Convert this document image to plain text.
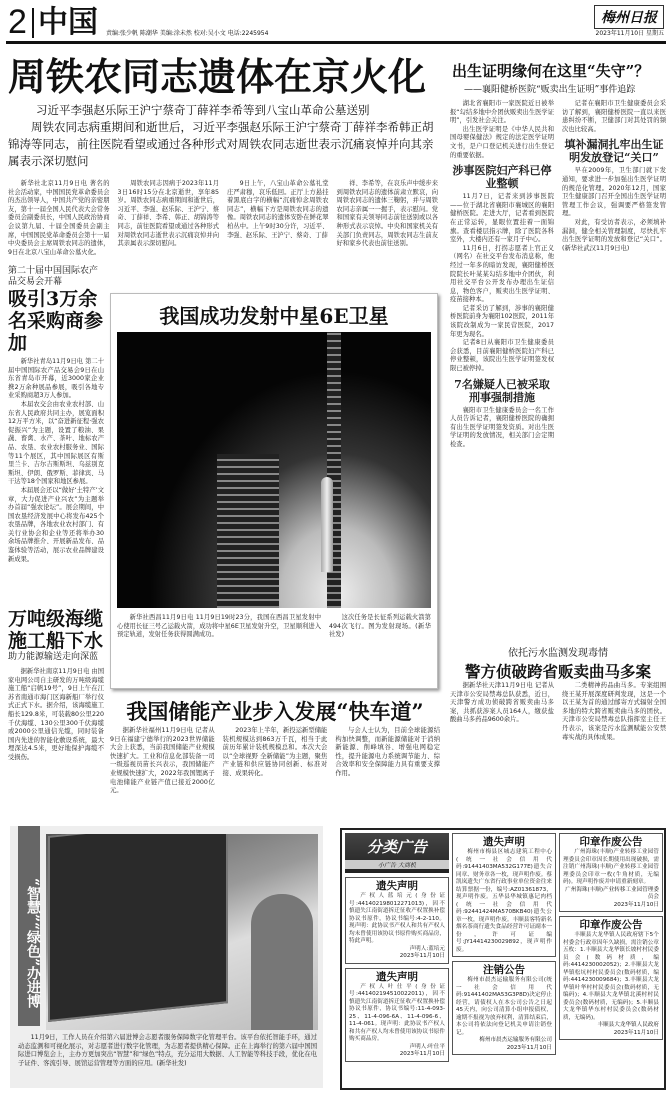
2 中国 责编:张少帆 陈潮华 美编:涂未然 校对:吴小文 电话:2245954
梅州日报
2023年11月10日 星期五
周铁农同志遗体在京火化
习近平李强赵乐际王沪宁蔡奇丁薛祥李希等到八宝山革命公墓送别
周铁农同志病重期间和逝世后，习近平李强赵乐际王沪宁蔡奇丁薛祥李希韩正胡锦涛等同志，前往医院看望或通过各种形式对周铁农同志逝世表示沉痛哀悼并向其亲属表示深切慰问

新华社北京11月9日电 著名的社会活动家，中国国民党革命委员会的杰出领导人，中国共产党的亲密朋友，第十一届全国人民代表大会常务委员会副委员长，中国人民政治协商会议第九届、十届全国委员会副主席，中国国民党革命委员会第十一届中央委员会主席周铁农同志的遗体，9日在北京八宝山革命公墓火化。

周铁农同志因病于2023年11月3日16时15分在北京逝世，享年85岁。周铁农同志病重期间和逝世后，习近平、李强、赵乐际、王沪宁、蔡奇、丁薛祥、李希、韩正、胡锦涛等同志，前往医院看望或通过各种形式对周铁农同志逝世表示沉痛哀悼并向其亲属表示深切慰问。

9日上午，八宝山革命公墓礼堂庄严肃穆，哀乐低回。正厅上方悬挂着黑底白字的横幅“沉痛悼念周铁农同志”，横幅下方是周铁农同志的遗像。周铁农同志的遗体安卧在鲜花翠柏丛中。上午9时30分许，习近平、李强、赵乐际、王沪宁、蔡奇、丁薛

祥、李希等，在哀乐声中缓步来到周铁农同志的遗体前肃立默哀，向周铁农同志的遗体三鞠躬，并与周铁农同志亲属一一握手，表示慰问。党和国家有关领导同志前往送别或以各种形式表示哀悼。中央和国家机关有关部门负责同志，周铁农同志生前友好和家乡代表也前往送别。

第二十届中国国际农产品交易会开幕
吸引3万余名采购商参加

新华社青岛11月9日电 第二十届中国国际农产品交易会9日在山东省青岛市开幕，近3000家企业携2万余种展品参展，吸引各地专业采购商超3万人参加。

本届农交会由农业农村部、山东省人民政府共同主办，展览面积12万平方米，以“奋进新征程·强农促振兴”为主题，设置了粮油、果蔬、畜禽、水产、茶叶、地标农产品、农垦、农业农村服务业、国际等11个展区，其中国际展区有斯里兰卡、吉尔吉斯斯坦、乌兹别克斯坦、伊朗、俄罗斯、菲律宾、马干达等18个国家和地区参展。

本届展会还以“做好‘土特产’文章，大力促进产业兴农”为主题举办首届“强农论坛”。展会期间，中国农垦经济发展中心将发布425个农垦品牌，各地农业农村部门、有关行业协会和企业等还将举办30余场品牌推介、开展新品发布、品鉴体验等活动，展示农业品牌建设新成果。

万吨级海缆施工船下水
助力能源输送走向深蓝

据新华社南京11月9日电 由国家电网公司自主研发的万吨级海缆施工船“启帆19号”，9日上午在江苏省南通市海门区海新船厂举行仪式正式下水。据介绍，该海缆施工船长129.8米，可装载80公里220千伏海缆、130公里300千伏海缆或2000公里通信光缆，同时装备国内先进的智能化敷设系统，最大埋深达4.5米，更好地保护海缆不受损伤。

我国成功发射中星6E卫星

新华社西昌11月9日电 11月9日19时23分，我国在西昌卫星发射中心使用长征三号乙运载火箭，成功将中星6E卫星发射升空，卫星顺利进入预定轨道，发射任务获得圆满成功。

这次任务是长征系列运载火箭第494次飞行。图为发射现场。(新华社发)

我国储能产业步入发展“快车道”

据新华社福州11月9日电 记者从9日在福建宁德举行的2023世界储能大会上获悉，当前我国储能产业规模快速扩大。工业和信息化部装备一司一级巡视员苗长兴表示，我国储能产业规模快速扩大，2022年我国锂离子电池储能产业链产值已接近2000亿元。

2023年上半年，新投运新型储能装机规模达到863万千瓦，相当于此前历年累计装机规模总和。本次大会以“全球视野 全新储能”为主题，聚焦产业链和供应链协同创新、标准对接、成果转化。

与会人士认为，目前全球能源结构加快调整，而新能源储能对于消纳新能源、削峰填谷、增强电网稳定性，提升能源电力系统调节能力、综合效率和安全保障能力具有重要支撑作用。

出生证明缘何在这里“失守”？
——襄阳健桥医院“贩卖出生证明”事件追踪

湖北省襄阳市一家医院近日被举报“勾结多地中介团伙贩卖出生医学证明”，引发社会关注。

出生医学证明是《中华人民共和国母婴保健法》规定的法定医学证明文书，是户口登记机关进行出生登记的重要依据。

涉事医院妇产科已停业整顿

11月7日，记者来到涉事医院——位于湖北省襄阳市襄城区的襄阳健桥医院。走进大厅，记者看到医院在正常运转，显眼位置挂着一面锦旗。查看楼层指示牌，除了医院各科室外，大楼内还有一家月子中心。

11月6日，打拐志愿者上官正义（网名）在社交平台发布消息称，他经过一年多的暗访发现，襄阳健桥医院院长叶某某勾结多地中介团伙，利用社交平台公开发布办理出生证信息，物色客户，贩卖出生医学证明、疫苗接种本。

记者采访了解到，涉事的襄阳健桥医院前身为襄阳102医院，2011年该院改制成为一家民营医院，2017年更为现名。

记者8日从襄阳市卫生健康委员会获悉，目前襄阳健桥医院妇产科已停业整顿，该院出生医学证明签发权限已被停掉。

7名嫌疑人已被采取刑事强制措施

襄阳市卫生健康委员会一名工作人员告诉记者，襄阳健桥医院的确拥有出生医学证明签发资质。对出生医学证明的发放情况，相关部门会定期检查。

记者在襄阳市卫生健康委员会采访了解到，襄阳健桥医院一直以来医患纠纷不断，卫健部门对其处罚的频次也比较高。

填补漏洞扎牢出生证明发放登记“关口”

早在2009年，卫生部门就下发通知，要求进一步加强出生医学证明的规范化管理。2020年12月，国家卫生健康部门召开全国出生医学证明管理工作会议，强调要严格签发管理。

对此，有受访者表示，必须填补漏洞，健全相关管理制度，尽快扎牢出生医学证明的发放和登记“关口”。(新华社武汉11月9日电)

依托污水监测发现毒情
警方侦破跨省贩卖曲马多案

据新华社天津11月9日电 记者从天津市公安局禁毒总队获悉，近日，天津警方成功侦破跨省贩卖曲马多案，共抓获涉案人员164人，缴获盐酸曲马多药品9600余片。

二类精神药品曲马多。专案组围绕王某开展深度研判发现，这是一个以王某为首的通过邮寄方式辐射全国多地的特大跨省贩卖曲马多的团伙。天津市公安局禁毒总队指挥室主任王丹表示，该案是污水监测赋能公安禁毒实战的具体成果。

“智慧”“绿色”办进博

11月9日，工作人员在介绍第六届进博会志愿者服务保障数字化管理平台。该平台依托智能手环，通过动态监测和可视化展示，对志愿者进行数字化管理，为志愿者提供精心保障。正在上海举行的第六届中国国际进口博览会上，主办方更加突出“智慧”和“绿色”特点，充分运用大数据、人工智能等科技手段，优化在电子证件、客流引导、展馆运营管理等方面的应用。(新华社发)

分类广告
小广告 大商机
遗失声明

产权人蓝培元(身份证号:441402198012271013)，因不慎遗失江南街道拆迁征收产权置换补偿协议书原件，协议书编号:4-2-110。现声明：此协议书产权人和共有产权人均未曾使用该协议书原件购买商品房，特此声明。

声明人:蓝培元
2023年11月10日
遗失声明

产权人叶仕平(身份证号:441402194510022011)，因不慎遗失江南街道拆迁征收产权置换补偿协议书原件，协议书编号:11-4-093-25、11-4-096-6A、11-4-096-6、11-4-061。现声明：此协议书产权人和共有产权人均未曾使用该协议书原件购买商品房。

声明人:叶仕平
2023年11月10日
遗失声明

梅州市梅县区城志建筑工程中心(统一社会信用代码:91441403MA532G177E)遗失合同章、财务章各一枚，现声明作废。蔡凯岚遗失广东省行政事业单位资金往来结算票据一份，编号:AZ01361873，现声明作废。五华县华城镇惠记肉档(统一社会信用代码:92441424MA570BKB40)遗失公章一枚，现声明作废。丰顺县客特新名烟名茶商行遗失食品经营许可证副本一份，许可证编号:JY14414230029892，现声明作废。

注销公告

梅州市晨杰运输服务有限公司(统一社会信用代码:91441402MA53G3P8D)决定停止经营，请债权人在本公司公告之日起45天内，向公司清算小组申报债权，逾期不报视为放弃权利，清算结束后，本公司将依法向登记机关申请注销登记。

梅州市晨杰运输服务有限公司
2023年11月10日
印章作废公告

广州海珠(丰顺)产业转移工业园管理委员会印章因长期使用出现破损，需注销广州海珠(丰顺)产业转移工业园管理委员会印章一枚(牛角材质，无编码)。现声明作废并申请重新刻章。

广州海珠(丰顺)产业转移工业园管理委员会
2023年11月10日
印章作废公告

丰顺县大龙华镇人民政府辖下5个村委会行政章因年久缺损，需注销公章五枚：1.丰顺县大龙华镇长坡村村民委员会(数码材质，编码:4414230002052)；2.丰顺县大龙华镇松坑村村民委员会(数码材质，编码:4414230009684)；3.丰顺县大龙华镇叶华村村民委员会(数码材质，无编码)；4.丰顺县大龙华镇北溪村村民委员会(数码材质，无编码)；5.丰顺县大龙华镇华东村村民委员会(数码材质，无编码)。

丰顺县大龙华镇人民政府
2023年11月10日
